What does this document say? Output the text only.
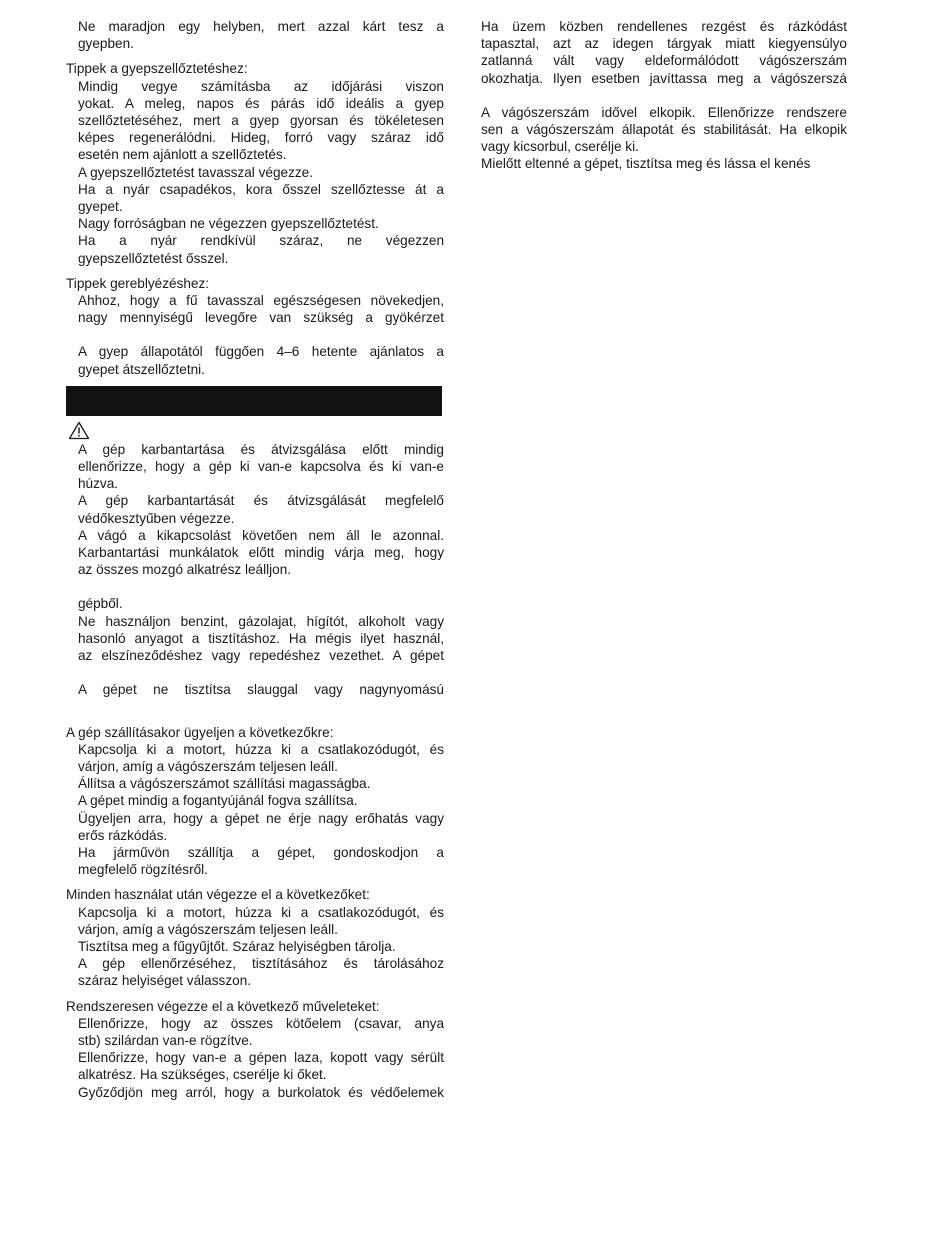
Ne maradjon egy helyben, mert azzal kárt tesz a

gyepben.

Tippek a gyepszellőztetéshez:

Mindig vegye számításba az időjárási viszon

yokat. A meleg, napos és párás idő ideális a gyep

szellőztetéséhez, mert a gyep gyorsan és tökéletesen

képes regenerálódni. Hideg, forró vagy száraz idő

esetén nem ajánlott a szellőztetés.

A gyepszellőztetést tavasszal végezze.

Ha a nyár csapadékos, kora ősszel szellőztesse át a

gyepet.

Nagy forróságban ne végezzen gyepszellőztetést.

Ha a nyár rendkívül száraz, ne végezzen

gyepszellőztetést ősszel.

Tippek gereblyézéshez:

Ahhoz, hogy a fű tavasszal egészségesen növekedjen,

nagy mennyiségű levegőre van szükség a gyökérzet

A gyep állapotától függően 4–6 hetente ajánlatos a

gyepet átszellőztetni.

A gép karbantartása és átvizsgálása előtt mindig

ellenőrizze, hogy a gép ki van-e kapcsolva és ki van-e

húzva.

A gép karbantartását és átvizsgálását megfelelő

védőkesztyűben végezze.

A vágó a kikapcsolást követően nem áll le azonnal.

Karbantartási munkálatok előtt mindig várja meg, hogy

az összes mozgó alkatrész leálljon.

gépből.

Ne használjon benzint, gázolajat, hígítót, alkoholt vagy

hasonló anyagot a tisztításhoz. Ha mégis ilyet használ,

az elszíneződéshez vagy repedéshez vezethet. A gépet

A gépet ne tisztítsa slauggal vagy nagynyomású

A gép szállításakor ügyeljen a következőkre:

Kapcsolja ki a motort, húzza ki a csatlakozódugót, és

várjon, amíg a vágószerszám teljesen leáll.

Állítsa a vágószerszámot szállítási magasságba.

A gépet mindig a fogantyújánál fogva szállítsa.

Ügyeljen arra, hogy a gépet ne érje nagy erőhatás vagy

erős rázkódás.

Ha járművön szállítja a gépet, gondoskodjon a

megfelelő rögzítésről.

Minden használat után végezze el a következőket:

Kapcsolja ki a motort, húzza ki a csatlakozódugót, és

várjon, amíg a vágószerszám teljesen leáll.

Tisztítsa meg a fűgyűjtőt. Száraz helyiségben tárolja.

A gép ellenőrzéséhez, tisztításához és tárolásához

száraz helyiséget válasszon.

Rendszeresen végezze el a következő műveleteket:

Ellenőrizze, hogy az összes kötőelem (csavar, anya

stb) szilárdan van-e rögzítve.

Ellenőrizze, hogy van-e a gépen laza, kopott vagy sérült

alkatrész. Ha szükséges, cserélje ki őket.

Győződjön meg arról, hogy a burkolatok és védőelemek

Ha üzem közben rendellenes rezgést és rázkódást

tapasztal, azt az idegen tárgyak miatt kiegyensúlyo

zatlanná vált vagy eldeformálódott vágószerszám

okozhatja. Ilyen esetben javíttassa meg a vágószerszá

A vágószerszám idővel elkopik. Ellenőrizze rendszere

sen a vágószerszám állapotát és stabilitását. Ha elkopik

vagy kicsorbul, cserélje ki.

Mielőtt eltenné a gépet, tisztítsa meg és lássa el kenés
